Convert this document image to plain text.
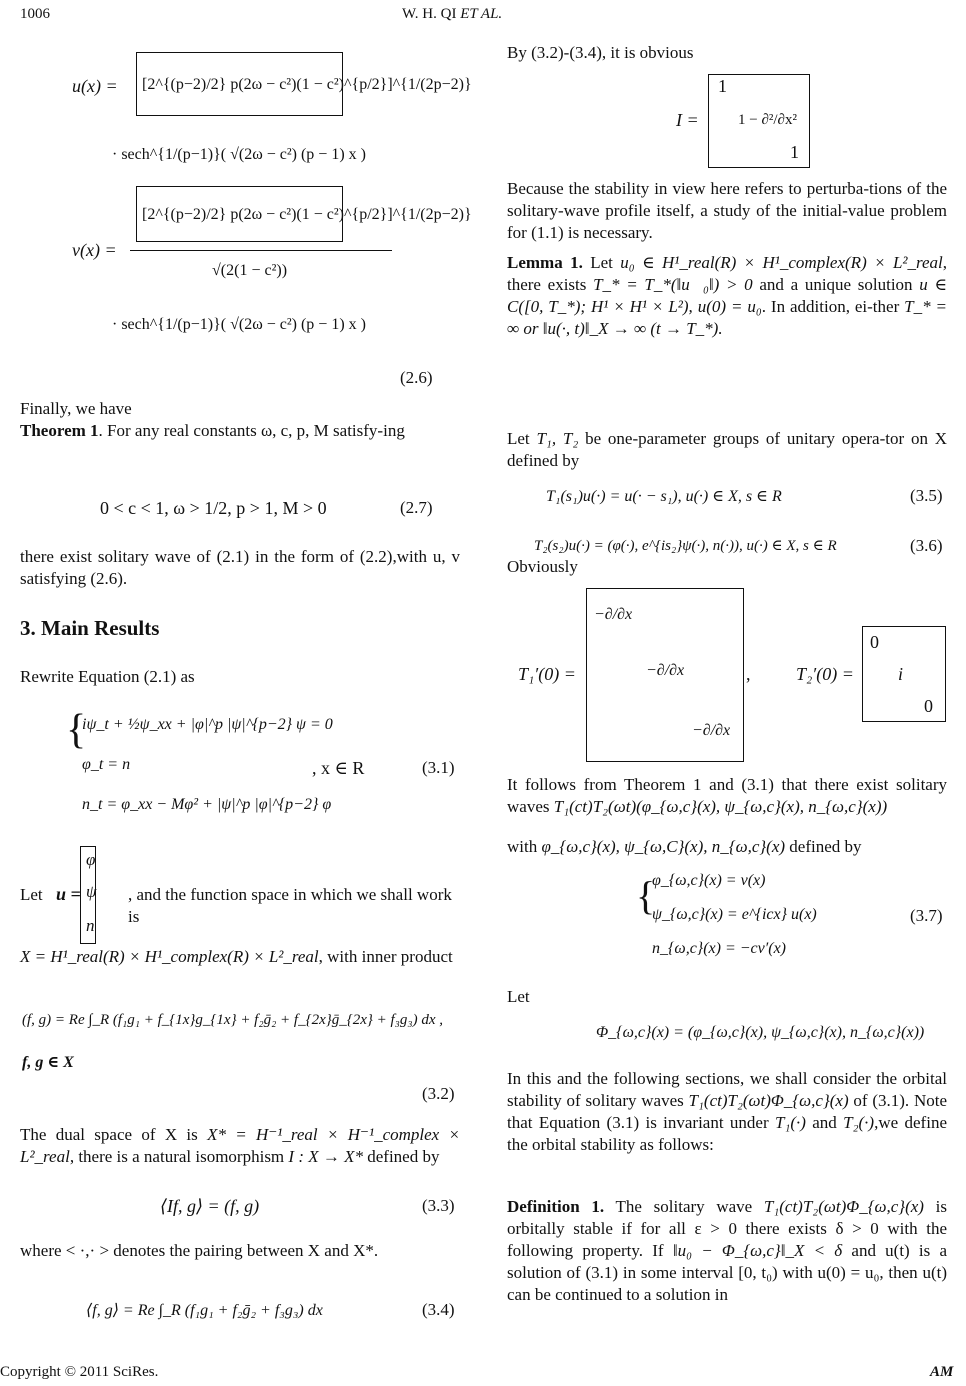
1006	W. H. QI ET AL.
u(x) = [2^{(p−2)/2} p(2ω − c²)(1 − c²)^{p/2}]^{1/(2p−2)}
· sech^{1/(p−1)}( √(2ω − c²) (p − 1) x )
v(x) =
[2^{(p−2)/2} p(2ω − c²)(1 − c²)^{p/2}]^{1/(2p−2)}
√(2(1 − c²))
· sech^{1/(p−1)}( √(2ω − c²) (p − 1) x )
(2.6)
Finally, we have
Theorem 1. For any real constants ω, c, p, M satisfy-ing
0 < c < 1, ω > 1/2, p > 1, M > 0	(2.7)
there exist solitary wave of (2.1) in the form of (2.2),with u, v satisfying (2.6).
3. Main Results
Rewrite Equation (2.1) as
{
iψ_t + ½ψ_xx + |φ|^p |ψ|^{p−2} ψ = 0
φ_t = n
n_t = φ_xx − Mφ² + |ψ|^p |φ|^{p−2} φ
, x ∈ R	(3.1)
Let u =
φ
ψ
n
, and the function space in which we shall work is
X = H¹_real(R) × H¹_complex(R) × L²_real, with inner product
(f, g) = Re ∫_R (f₁g₁ + f_{1x}g_{1x} + f₂ḡ₂ + f_{2x}ḡ_{2x} + f₃g₃) dx ,
f, g ∈ X
(3.2)
The dual space of X is X* = H⁻¹_real × H⁻¹_complex × L²_real, there is a natural isomorphism I : X → X* defined by
⟨If, g⟩ = (f, g)	(3.3)
where < ·,· > denotes the pairing between X and X*.
⟨f, g⟩ = Re ∫_R (f₁g₁ + f₂ḡ₂ + f₃g₃) dx	(3.4)
By (3.2)-(3.4), it is obvious
I =
1
1 − ∂²/∂x²
1
Because the stability in view here refers to perturba-tions of the solitary-wave profile itself, a study of the initial-value problem for (1.1) is necessary.
Lemma 1. Let u₀ ∈ H¹_real(R) × H¹_complex(R) × L²_real, there exists T_* = T_*(‖u⃗₀‖) > 0 and a unique solution u ∈ C([0, T_*); H¹ × H¹ × L²), u(0) = u₀. In addition, ei-ther T_* = ∞ or ‖u(·, t)‖_X → ∞ (t → T_*).
Let T₁, T₂ be one-parameter groups of unitary opera-tor on X defined by
T₁(s₁)u(·) = u(· − s₁), u(·) ∈ X, s ∈ R	(3.5)
T₂(s₂)u(·) = (φ(·), e^{is₂}ψ(·), n(·)), u(·) ∈ X, s ∈ R	(3.6)
Obviously
T₁′(0) =
−∂/∂x
−∂/∂x
−∂/∂x
,	T₂′(0) =
0
i
0
It follows from Theorem 1 and (3.1) that there exist solitary waves T₁(ct)T₂(ωt)(φ_{ω,c}(x), ψ_{ω,c}(x), n_{ω,c}(x))
with φ_{ω,c}(x), ψ_{ω,C}(x), n_{ω,c}(x) defined by
{
φ_{ω,c}(x) = v(x)
ψ_{ω,c}(x) = e^{icx} u(x)
n_{ω,c}(x) = −cv′(x)
(3.7)
Let
Φ_{ω,c}(x) = (φ_{ω,c}(x), ψ_{ω,c}(x), n_{ω,c}(x))
In this and the following sections, we shall consider the orbital stability of solitary waves T₁(ct)T₂(ωt)Φ_{ω,c}(x) of (3.1). Note that Equation (3.1) is invariant under T₁(·) and T₂(·),we define the orbital stability as follows:
Definition 1. The solitary wave T₁(ct)T₂(ωt)Φ_{ω,c}(x) is orbitally stable if for all ε > 0 there exists δ > 0 with the following property. If ‖u₀ − Φ_{ω,c}‖_X < δ and u(t) is a solution of (3.1) in some interval [0, t₀) with u(0) = u₀, then u(t) can be continued to a solution in
Copyright © 2011 SciRes.	AM
